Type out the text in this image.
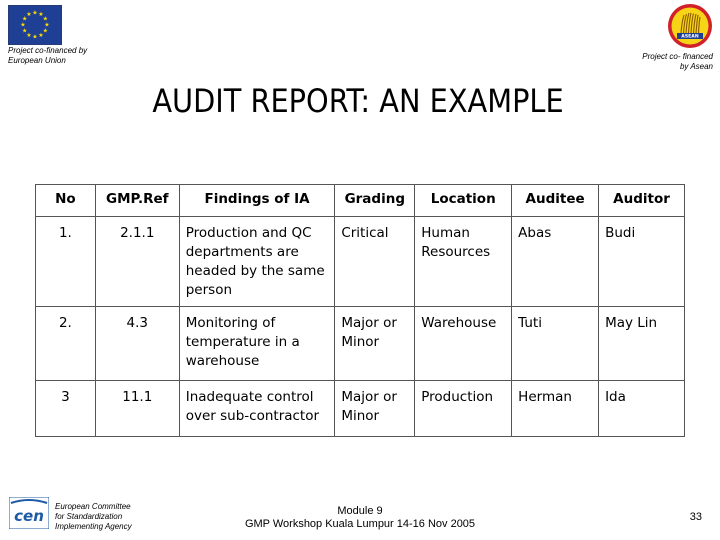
★ ★
★
★
★
★
★
★
★
★
★
★
Project co-financed by European Union
ASEAN
Project co- financed
by Asean
AUDIT REPORT: AN EXAMPLE
No	GMP.Ref	Findings of IA	Grading	Location	Auditee	Auditor
1.	2.1.1	Production and QC departments are headed by the same person	Critical	Human Resources	Abas	Budi
2.	4.3	Monitoring of temperature in a warehouse	Major or Minor	Warehouse	Tuti	May Lin
3	11.1	Inadequate control over sub-contractor	Major or Minor	Production	Herman	Ida
cen
European Committee
for Standardization
Implementing Agency
Module 9
GMP Workshop Kuala Lumpur 14-16 Nov 2005
33
